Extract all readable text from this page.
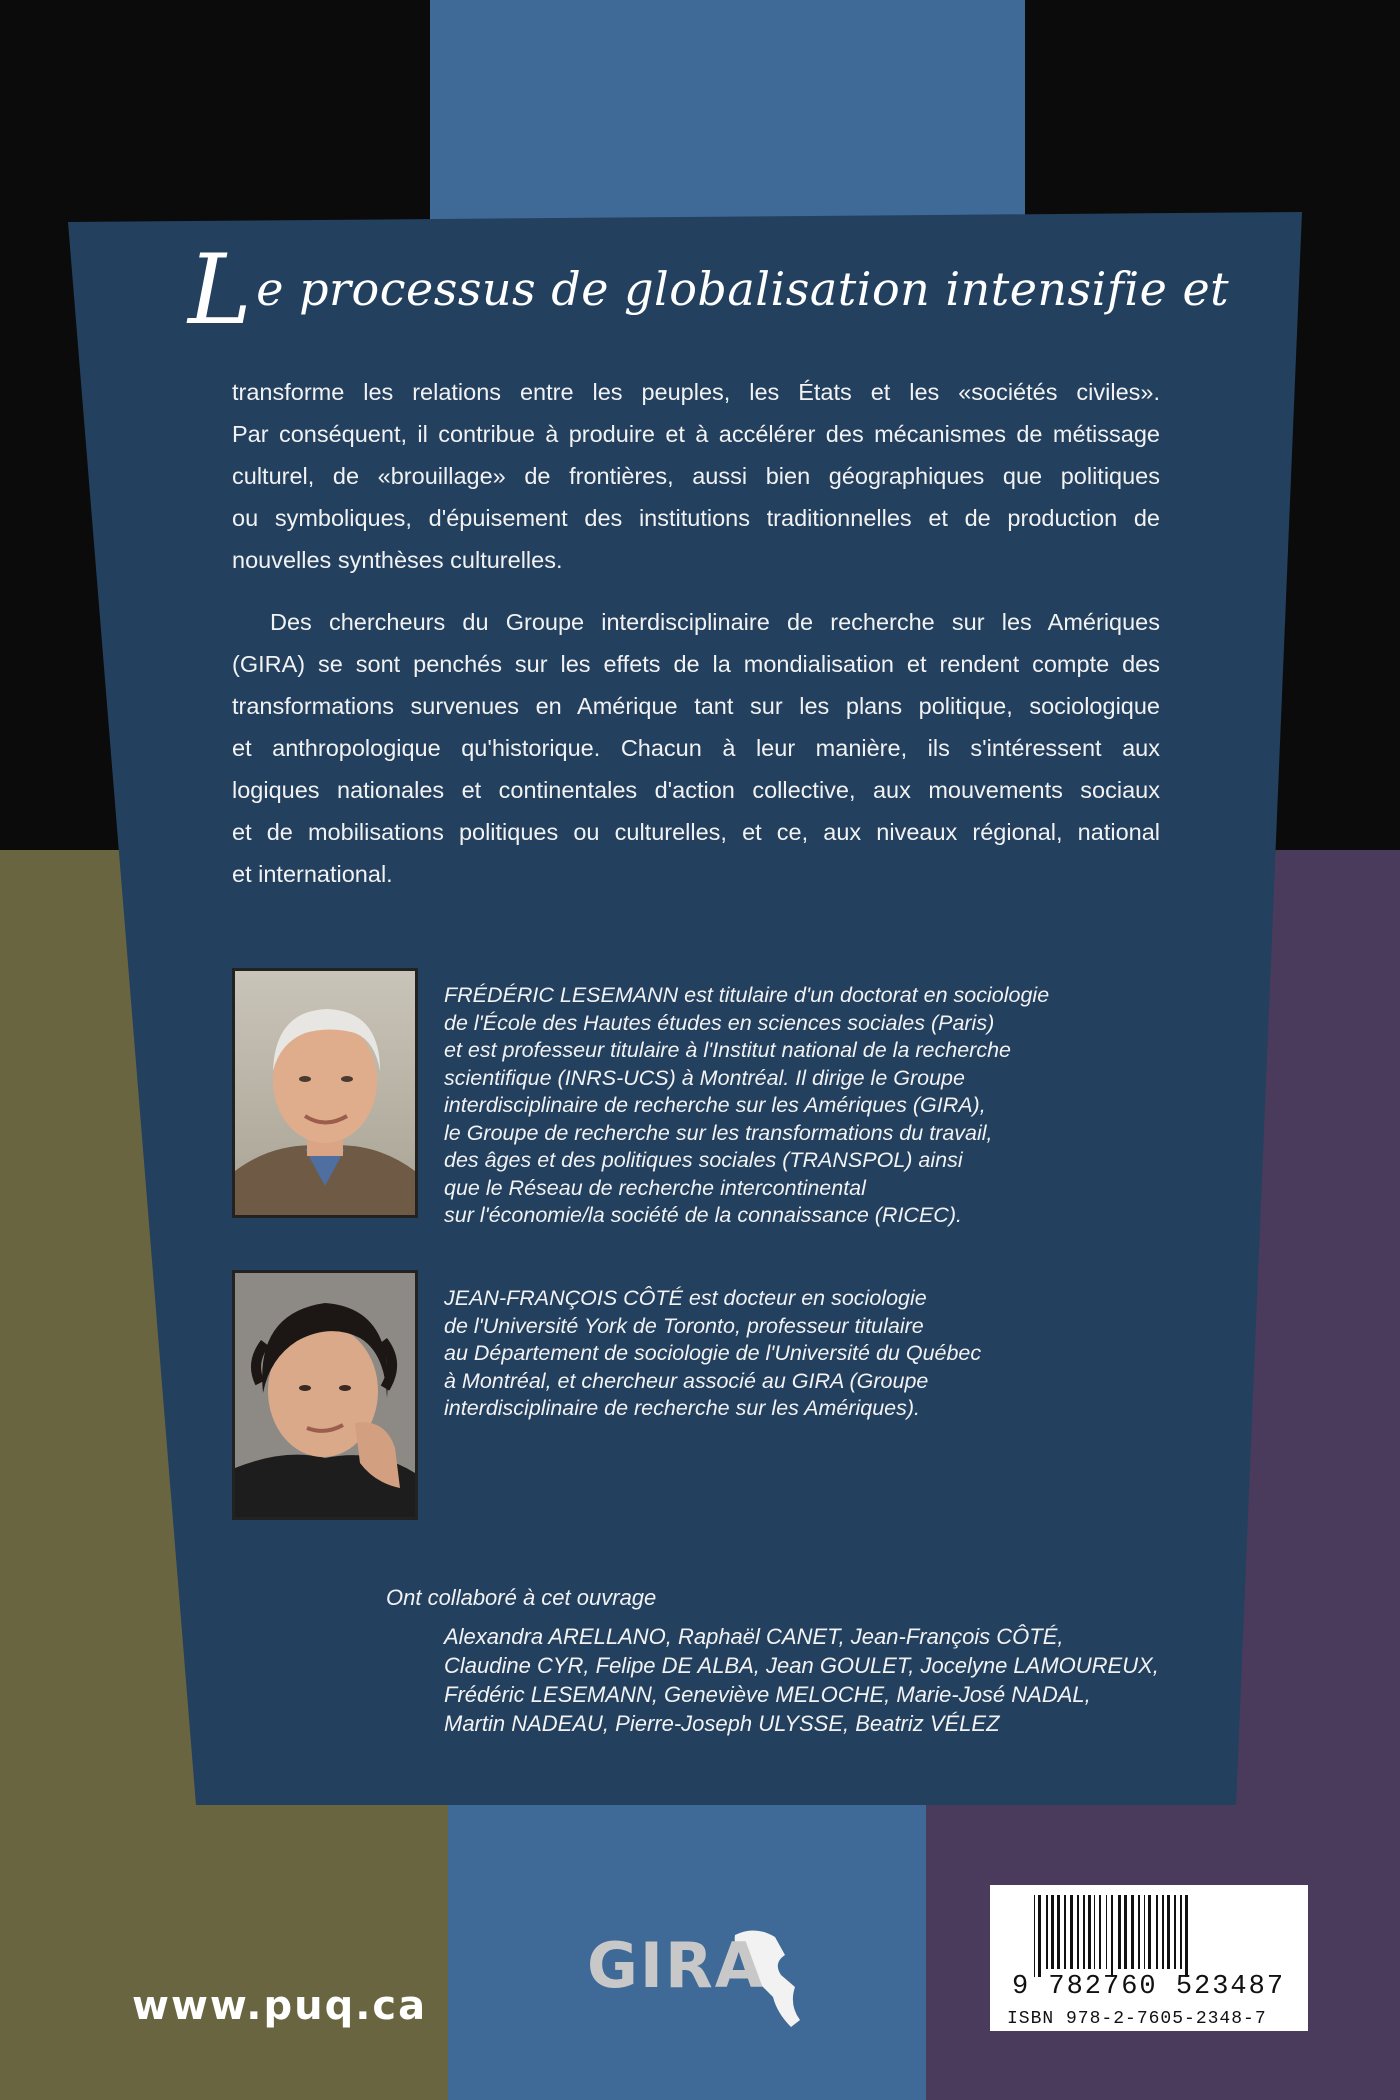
Le processus de globalisation intensifie et

transforme les relations entre les peuples, les États et les «sociétés civiles».
Par conséquent, il contribue à produire et à accélérer des mécanismes de métissage
culturel, de «brouillage» de frontières, aussi bien géographiques que politiques
ou symboliques, d'épuisement des institutions traditionnelles et de production de
nouvelles synthèses culturelles.
Des chercheurs du Groupe interdisciplinaire de recherche sur les Amériques
(GIRA) se sont penchés sur les effets de la mondialisation et rendent compte des
transformations survenues en Amérique tant sur les plans politique, sociologique
et anthropologique qu'historique. Chacun à leur manière, ils s'intéressent aux
logiques nationales et continentales d'action collective, aux mouvements sociaux
et de mobilisations politiques ou culturelles, et ce, aux niveaux régional, national
et international.
FRÉDÉRIC LESEMANN est titulaire d'un doctorat en sociologie
de l'École des Hautes études en sciences sociales (Paris)
et est professeur titulaire à l'Institut national de la recherche
scientifique (INRS-UCS) à Montréal. Il dirige le Groupe
interdisciplinaire de recherche sur les Amériques (GIRA),
le Groupe de recherche sur les transformations du travail,
des âges et des politiques sociales (TRANSPOL) ainsi
que le Réseau de recherche intercontinental
sur l'économie/la société de la connaissance (RICEC).
JEAN-FRANÇOIS CÔTÉ est docteur en sociologie
de l'Université York de Toronto, professeur titulaire
au Département de sociologie de l'Université du Québec
à Montréal, et chercheur associé au GIRA (Groupe
interdisciplinaire de recherche sur les Amériques).

Ont collaboré à cet ouvrage

Alexandra ARELLANO, Raphaël CANET, Jean-François CÔTÉ,
Claudine CYR, Felipe DE ALBA, Jean GOULET, Jocelyne LAMOUREUX,
Frédéric LESEMANN, Geneviève MELOCHE, Marie-José NADAL,
Martin NADEAU, Pierre-Joseph ULYSSE, Beatriz VÉLEZ

www.puq.ca

GIRA	9 782760 523487

ISBN 978-2-7605-2348-7
